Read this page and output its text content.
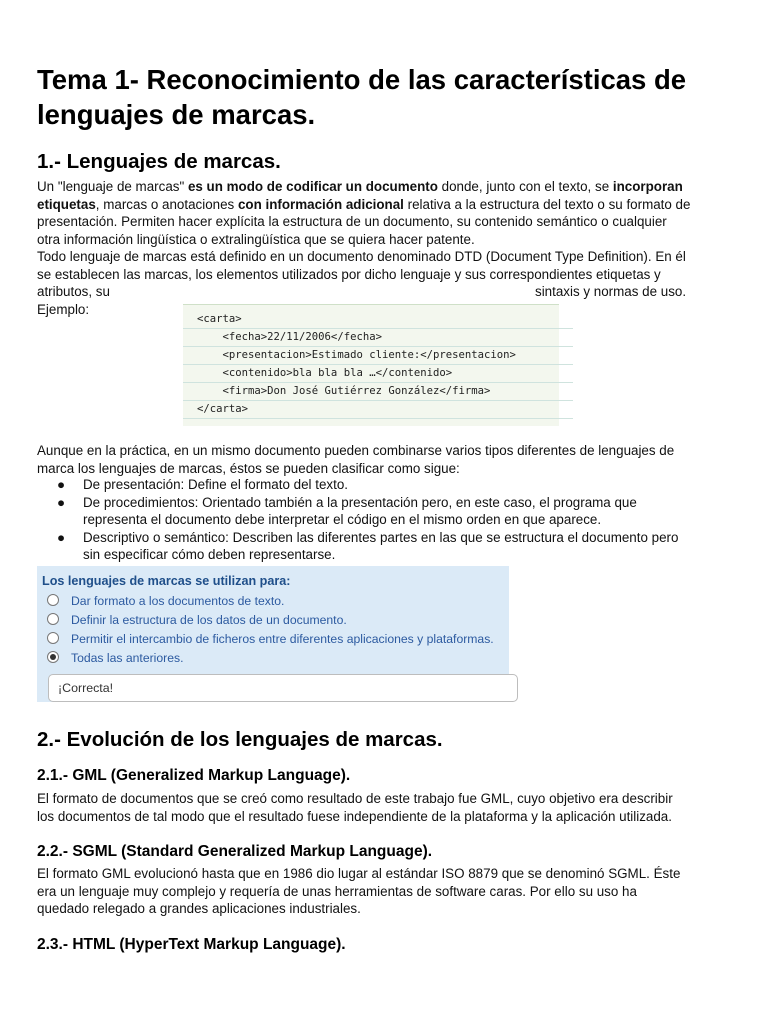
Tema 1- Reconocimiento de las características de lenguajes de marcas.
1.- Lenguajes de marcas.
Un "lenguaje de marcas" es un modo de codificar un documento donde, junto con el texto, se incorporan
etiquetas, marcas o anotaciones con información adicional relativa a la estructura del texto o su formato de
presentación. Permiten hacer explícita la estructura de un documento, su contenido semántico o cualquier
otra información lingüística o extralingüística que se quiera hacer patente.
Todo lenguaje de marcas está definido en un documento denominado DTD (Document Type Definition). En él
se establecen las marcas, los elementos utilizados por dicho lenguaje y sus correspondientes etiquetas y
atributos, su	sintaxis y normas de uso.
Ejemplo:
<carta>
<fecha>22/11/2006</fecha>
<presentacion>Estimado cliente:</presentacion>
<contenido>bla bla bla …</contenido>
<firma>Don José Gutiérrez González</firma>
</carta>
Aunque en la práctica, en un mismo documento pueden combinarse varios tipos diferentes de lenguajes de
marca los lenguajes de marcas, éstos se pueden clasificar como sigue:
● De presentación: Define el formato del texto.
● De procedimientos: Orientado también a la presentación pero, en este caso, el programa que
representa el documento debe interpretar el código en el mismo orden en que aparece.
● Descriptivo o semántico: Describen las diferentes partes en las que se estructura el documento pero
sin especificar cómo deben representarse.
Los lenguajes de marcas se utilizan para:
Dar formato a los documentos de texto.
Definir la estructura de los datos de un documento.
Permitir el intercambio de ficheros entre diferentes aplicaciones y plataformas.
Todas las anteriores.
¡Correcta!
2.- Evolución de los lenguajes de marcas.
2.1.- GML (Generalized Markup Language).
El formato de documentos que se creó como resultado de este trabajo fue GML, cuyo objetivo era describir
los documentos de tal modo que el resultado fuese independiente de la plataforma y la aplicación utilizada.
2.2.- SGML (Standard Generalized Markup Language).
El formato GML evolucionó hasta que en 1986 dio lugar al estándar ISO 8879 que se denominó SGML. Éste
era un lenguaje muy complejo y requería de unas herramientas de software caras. Por ello su uso ha
quedado relegado a grandes aplicaciones industriales.
2.3.- HTML (HyperText Markup Language).
